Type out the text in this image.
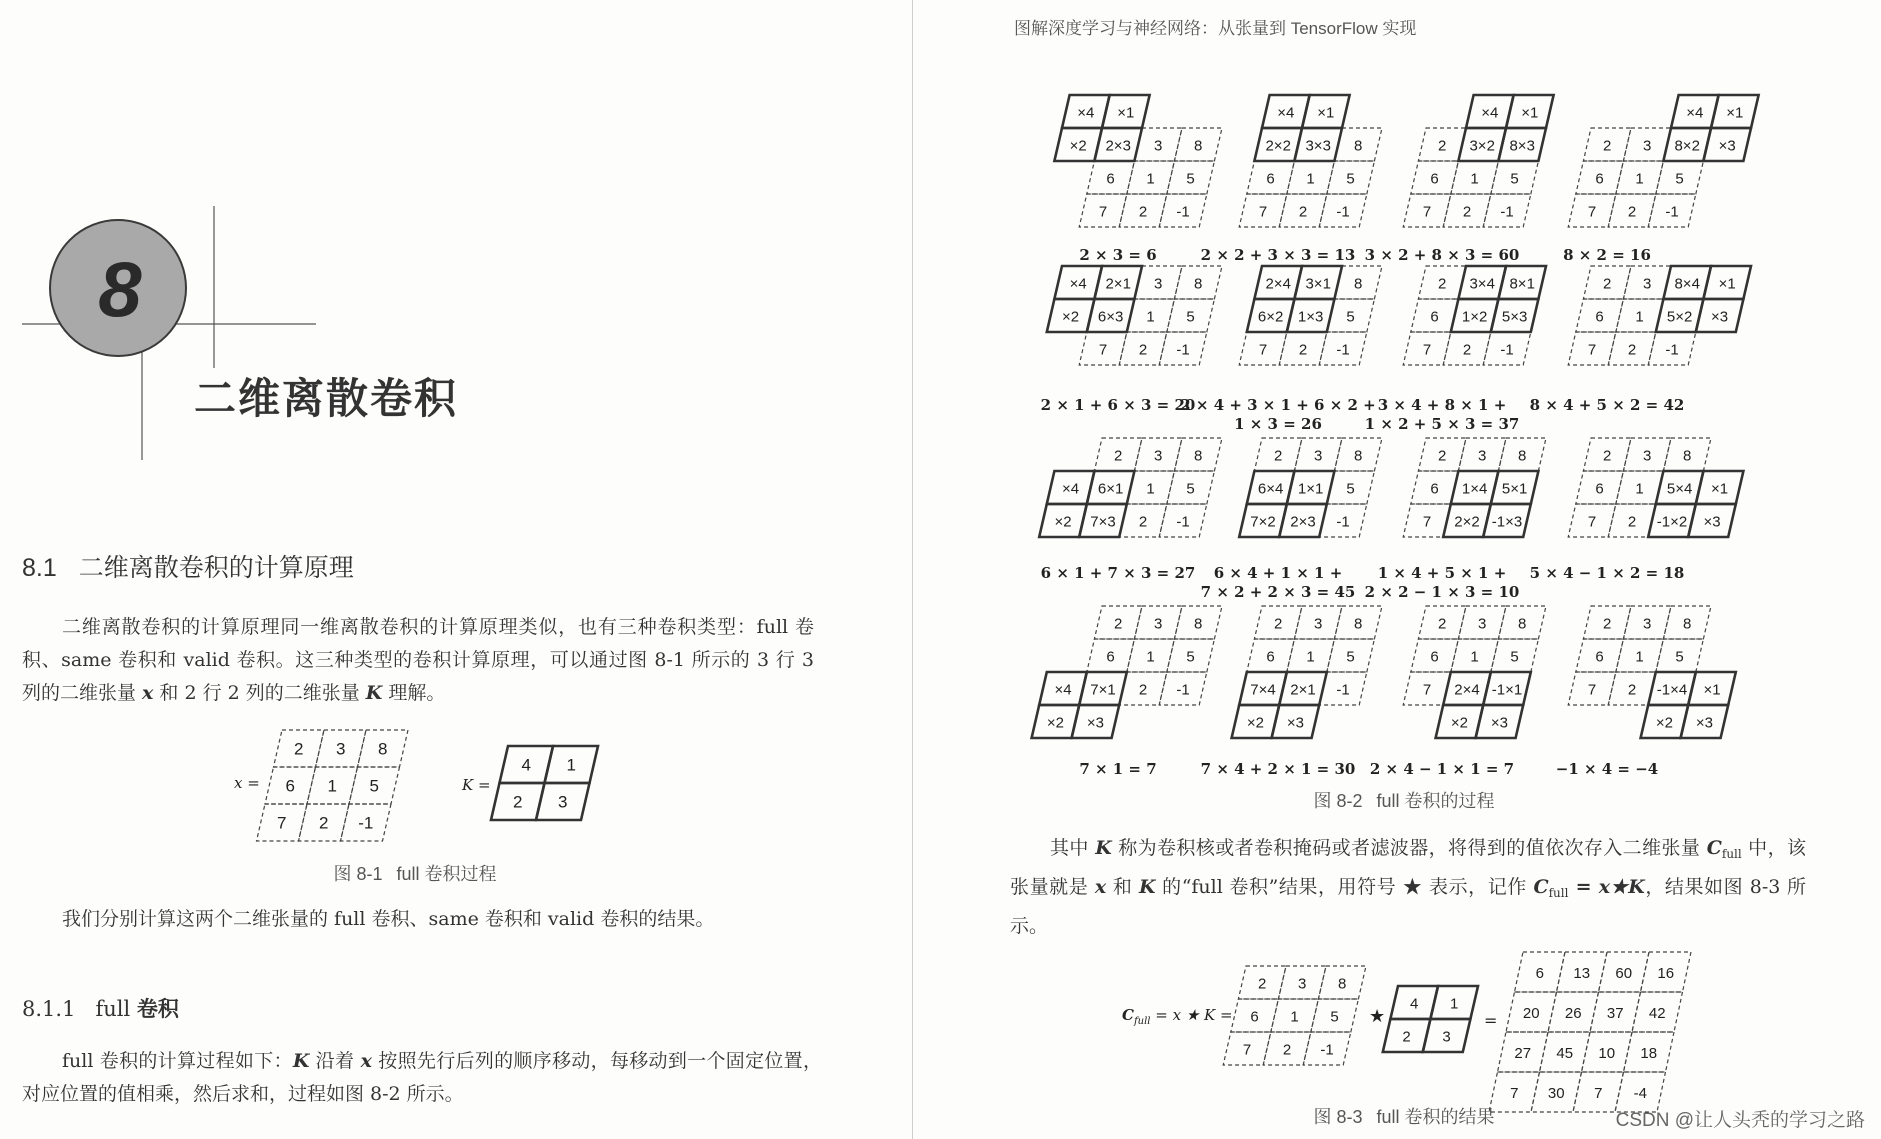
8
二维离散卷积
8.1 二维离散卷积的计算原理
二维离散卷积的计算原理同一维离散卷积的计算原理类似，也有三种卷积类型：full 卷积、same 卷积和 valid 卷积。这三种类型的卷积计算原理，可以通过图 8-1 所示的 3 行 3 列的二维张量 x 和 2 行 2 列的二维张量 K 理解。
图 8-1 full 卷积过程
我们分别计算这两个二维张量的 full 卷积、same 卷积和 valid 卷积的结果。
8.1.1 full 卷积
full 卷积的计算过程如下：K 沿着 x 按照先行后列的顺序移动，每移动到一个固定位置，对应位置的值相乘，然后求和，过程如图 8-2 所示。
图解深度学习与神经网络：从张量到 TensorFlow 实现
图 8-2 full 卷积的过程
其中 K 称为卷积核或者卷积掩码或者滤波器，将得到的值依次存入二维张量 $C_{full}$ 中，该张量就是 x 和 K 的“full 卷积”结果，用符号 ★ 表示，记作 $C_{full}$ = x★K，结果如图 8-3 所示。
图 8-3 full 卷积的结果	CSDN @让人头秃的学习之路
2 3 8
6 1 5
7 2 -1
x =
4 1
2 3
K =
3 8
6 1 5
7 2 -1
×4 ×1
×2 2×3
2 × 3 = 6
8
6 1 5
7 2 -1
×4 ×1
2×2 3×3
2 × 2 + 3 × 3 = 13
2
6 1 5
7 2 -1
×4 ×1
3×2 8×3
3 × 2 + 8 × 3 = 60
2 3
6 1 5
7 2 -1
×4 ×1
8×2 ×3
8 × 2 = 16
3 8
1 5
7 2 -1
×4 2×1
×2 6×3
2 × 1 + 6 × 3 = 20
8
5
7 2 -1
2×4 3×1
6×2 1×3
2 × 4 + 3 × 1 + 6 × 2 +
1 × 3 = 26
2
6
7 2 -1
3×4 8×1
1×2 5×3
3 × 4 + 8 × 1 +
1 × 2 + 5 × 3 = 37
2 3
6 1
7 2 -1
8×4 ×1
5×2 ×3
8 × 4 + 5 × 2 = 42
2 3 8
1 5
2 -1
×4 6×1
×2 7×3
6 × 1 + 7 × 3 = 27
2 3 8
5
-1
6×4 1×1
7×2 2×3
6 × 4 + 1 × 1 +
7 × 2 + 2 × 3 = 45
2 3 8
6
7
1×4 5×1
2×2 -1×3
1 × 4 + 5 × 1 +
2 × 2 − 1 × 3 = 10
2 3 8
6 1
7 2
5×4 ×1
-1×2 ×3
5 × 4 − 1 × 2 = 18
2 3 8
6 1 5
2 -1
×4 7×1
×2 ×3
7 × 1 = 7
2 3 8
6 1 5
-1
7×4 2×1
×2 ×3
7 × 4 + 2 × 1 = 30
2 3 8
6 1 5
7 2×4 -1×1
×2 ×3
2 × 4 − 1 × 1 = 7
2 3 8
6 1 5
7 2 -1×4 ×1
×2 ×3
−1 × 4 = −4
$C_{full} = x$ ★ K =
2 3 8
6 1 5
7 2 -1
★
4 1
2 3
=
6 13 60 16
20 26 37 42
27 45 10 18
7 30 7 -4
